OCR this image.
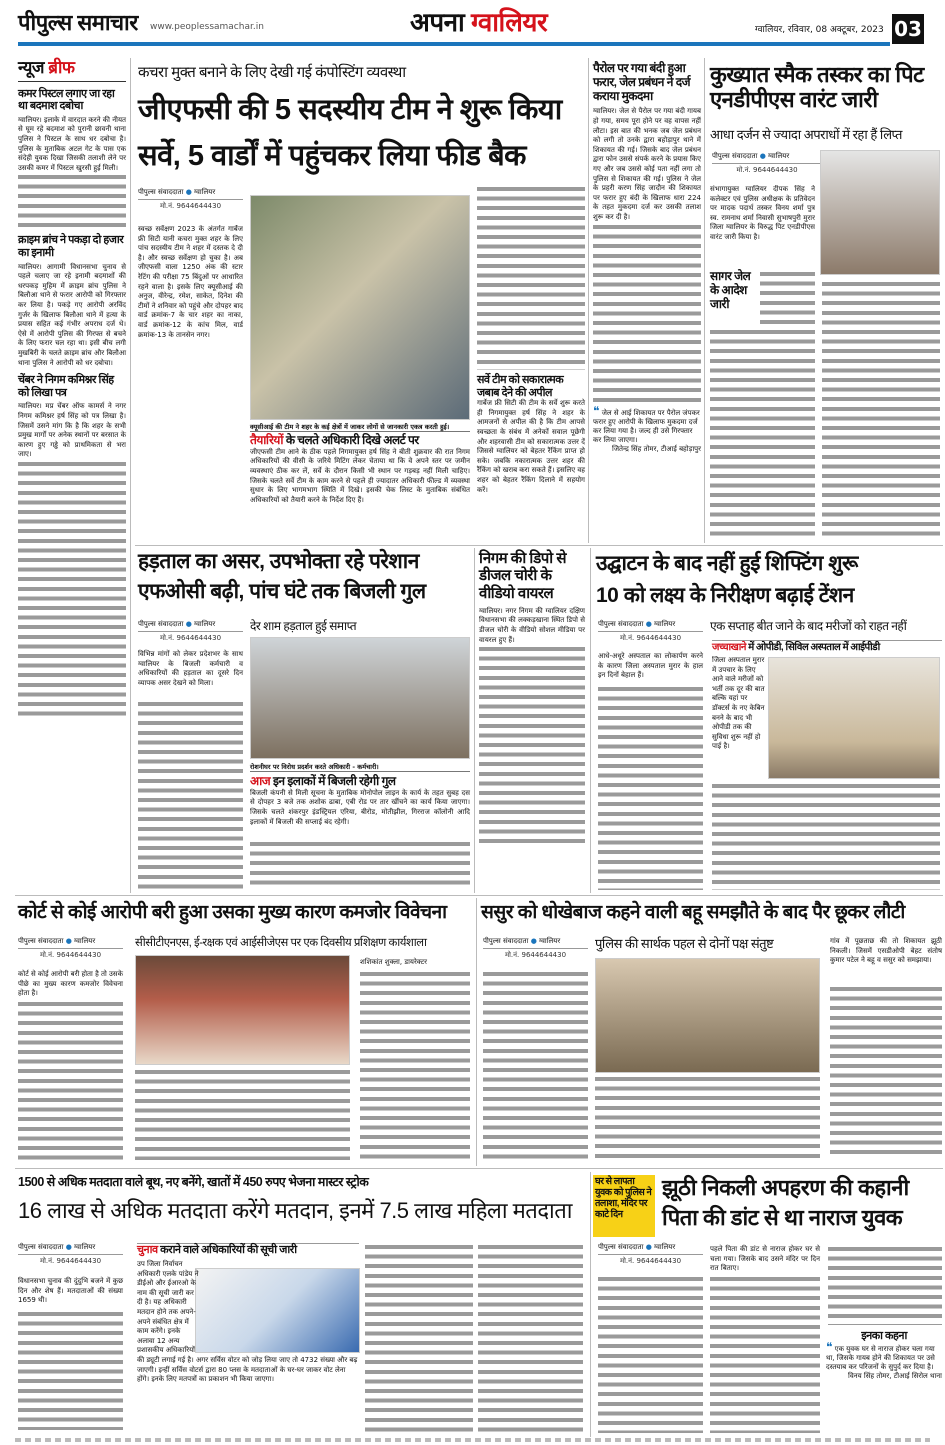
पीपुल्स समाचार www.peoplessamachar.in	अपना ग्वालियर	ग्वालियर, रविवार, 08 अक्टूबर, 2023 03
न्यूज ब्रीफ
कमर पिस्टल लगाए जा रहा था बदमाश दबोचा
ग्वालियर। इलाके में वारदात करने की नीयत से घूम रहे बदमाश को पुरानी छावनी थाना पुलिस ने पिस्टल के साथ धर दबोचा है। पुलिस के मुताबिक अटल गेट के पास एक संदेही युवक दिखा जिसकी तलाशी लेने पर उसकी कमर में पिस्टल खुरसी हुई मिली।
क्राइम ब्रांच ने पकड़ा दो हजार का इनामी
ग्वालियर। आगामी विधानसभा चुनाव से पहले चलाए जा रहे इनामी बदमाशों की धरपकड़ मुहिम में क्राइम ब्रांच पुलिस ने बिलौआ थाने से फरार आरोपी को गिरफ्तार कर लिया है। पकड़े गए आरोपी अरविंद गुर्जर के खिलाफ बिलौआ थाने में हत्या के प्रयास सहित कई गंभीर अपराध दर्ज थे। ऐसे में आरोपी पुलिस की गिरफ्त से बचने के लिए फरार चल रहा था। इसी बीच लगी मुखबिरी के चलते क्राइम ब्रांच और बिलौआ थाना पुलिस ने आरोपी को धर दबोचा।
चेंबर ने निगम कमिश्नर सिंह को लिखा पत्र
ग्वालियर। मप्र चेंबर ऑफ कामर्स ने नगर निगम कमिश्नर हर्ष सिंह को पत्र लिखा है। जिसमें उसने मांग कि है कि शहर के सभी प्रमुख मार्गों पर अनेक स्थानों पर बरसात के कारण हुए गड्ढे को प्राथमिकता से भरा जाए।
कचरा मुक्त बनाने के लिए देखी गई कंपोस्टिंग व्यवस्था
जीएफसी की 5 सदस्यीय टीम ने शुरू किया
सर्वे, 5 वार्डों में पहुंचकर लिया फीड बैक
पीपुल्स संवाददाता ● ग्वालियर
मो.नं. 9644644430
स्वच्छ सर्वेक्षण 2023 के अंतर्गत गार्बेज फ्री सिटी यानी कचरा मुक्त शहर के लिए पांच सदस्यीय टीम ने शहर में दस्तक दे दी है। और स्वच्छ सर्वेक्षण हो चुका है। अब जीएफसी वाला 1250 अंक की स्टार रेटिंग की परीक्षा 75 बिंदुओं पर आधारित रहने वाला है। इसके लिए क्यूसीआई की अनुज, वीरेन्द्र, रमेश, साकेत, दिनेश की टीमों ने शनिवार को पहुंचे और दोपहर बाद वार्ड क्रमांक-7 के चार शहर का नाका, वार्ड क्रमांक-12 के कांच मिल, वार्ड क्रमांक-13 के तानसेन नगर।
क्यूसीआई की टीम ने शहर के कई क्षेत्रों में जाकर लोगों से जानकारी एकत्र करती हुई।
तैयारियों के चलते अधिकारी दिखे अलर्ट पर
जीएफसी टीम आने के ठीक पहले निगमायुक्त हर्ष सिंह ने बीती शुक्रवार की रात निगम अधिकारियों की वीसी के जरिये मिटिंग लेकर चेताया था कि वे अपने स्तर पर जमीन व्यवस्थाएं ठीक कर लें, सर्वे के दौरान किसी भी स्थान पर गड़बड़ नहीं मिली चाहिए। जिसके चलते सर्वे टीम के काम करने से पहले ही ज्यादातर अधिकारी फील्ड में व्यवस्था सुधार के लिए भागमभाग स्थिति में दिखे। इसकी चेक लिस्ट के मुताबिक संबंधित अधिकारियों को तैयारी करने के निर्देश दिए हैं।
सर्वे टीम को सकारात्मक जबाब देने की अपील
गार्बेज फ्री सिटी की टीम के सर्वे शुरू करते ही निगमायुक्त हर्ष सिंह ने शहर के आमजनों से अपील की है कि टीम आपसे स्वच्छता के संबंध में अनेकों सवाल पूछेगी और शहरवासी टीम को सकारात्मक उत्तर दें जिससे ग्वालियर को बेहतर रैंकिंग प्राप्त हो सके। जबकि नकारात्मक उत्तर शहर की रैंकिंग को खराब करा सकते हैं। इसलिए वह शहर को बेहतर रैंकिंग दिलाने में सहयोग करें।
पैरोल पर गया बंदी हुआ फरार, जेल प्रबंधन ने दर्ज कराया मुकदमा
ग्वालियर। जेल से पैरोल पर गया बंदी गायब हो गया, समय पूरा होने पर वह वापस नहीं लौटा। इस बात की भनक जब जेल प्रबंधन को लगी तो उनके द्वारा बहोड़ापुर थाने में शिकायत की गई। जिसके बाद जेल प्रबंधन द्वारा फोन उससे संपर्क करने के प्रयास किए गए और जब उससे कोई पता नहीं लगा तो पुलिस से शिकायत की गई। पुलिस ने जेल के प्रहरी करण सिंह जादौन की शिकायत पर फरार हुए बंदी के खिलाफ धारा 224 के तहत मुकदमा दर्ज कर उसकी तलाश शुरू कर दी है।
❝ जेल से आई शिकायत पर पैरोल जंपकर फरार हुए आरोपी के खिलाफ मुकदमा दर्ज कर लिया गया है। जल्द ही उसे गिरफ्तार कर लिया जाएगा।
जितेन्द्र सिंह तोमर, टीआई बहोड़ापुर
कुख्यात स्मैक तस्कर का पिट एनडीपीएस वारंट जारी
आधा दर्जन से ज्यादा अपराधों में रहा हैं लिप्त
पीपुल्स संवाददाता ● ग्वालियर
मो.नं. 9644644430
संभागायुक्त ग्वालियर दीपक सिंह ने कलेक्टर एवं पुलिस अधीक्षक के प्रतिवेदन पर मादक पदार्थ तस्कर विनय शर्मा पुत्र स्व. रामनाथ शर्मा निवासी सुभाषपुरी मुरार जिला ग्वालियर के विरुद्ध पिट एनडीपीएस वारंट जारी किया है।
सागर जेल के आदेश जारी
हड़ताल का असर, उपभोक्ता रहे परेशान
एफओसी बढ़ी, पांच घंटे तक बिजली गुल
पीपुल्स संवाददाता ● ग्वालियर
मो.नं. 9644644430
विभिन्न मांगों को लेकर प्रदेशभर के साथ ग्वालियर के बिजली कर्मचारी व अधिकारियों की हड़ताल का दूसरे दिन व्यापक असर देखने को मिला।
देर शाम हड़ताल हुई समाप्त
रोशनीघर पर विरोध प्रदर्शन करते अधिकारी - कर्मचारी।
आज इन इलाकों में बिजली रहेगी गुल
बिजली कंपनी से मिली सूचना के मुताबिक मोनोपोल लाइन के कार्य के तहत सुबह दस से दोपहर 3 बजे तक अशोक ढाबा, एबी रोड पर तार खींचने का कार्य किया जाएगा। जिसके चलते शंकरपुर इंडस्ट्रियल एरिया, बीरोड, मोतीझील, गिरराज कॉलोनी आदि इलाकों में बिजली की सप्लाई बंद रहेगी।
निगम की डिपो से डीजल चोरी के वीडियो वायरल
ग्वालियर। नगर निगम की ग्वालियर दक्षिण विधानसभा की लक्कड़खाना स्थित डिपो से डीजल चोरी के वीडियो सोशल मीडिया पर वायरल हुए हैं।
उद्घाटन के बाद नहीं हुई शिफ्टिंग शुरू
10 को लक्ष्य के निरीक्षण बढ़ाई टेंशन
पीपुल्स संवाददाता ● ग्वालियर
मो.नं. 9644644430
आधे-अधूरे अस्पताल का लोकार्पण करने के कारण जिला अस्पताल मुरार के हाल इन दिनों बेहाल हैं।
एक सप्ताह बीत जाने के बाद मरीजों को राहत नहीं
जच्चाखाने में ओपीडी, सिविल अस्पताल में आईपीडी
जिला अस्पताल मुरार में उपचार के लिए आने वाले मरीजों को भर्ती तक दूर की बात बल्कि यहां पर डॉक्टर्स के नए केबिन बनने के बाद भी ओपीडी तक की सुविधा शुरू नहीं हो पाई है।
कोर्ट से कोई आरोपी बरी हुआ उसका मुख्य कारण कमजोर विवेचना
पीपुल्स संवाददाता ● ग्वालियर
मो.नं. 9644644430
सीसीटीएनएस, ई-रक्षक एवं आईसीजेएस पर एक दिवसीय प्रशिक्षण कार्यशाला
कोर्ट से कोई आरोपी बरी होता है तो उसके पीछे का मुख्य कारण कमजोर विवेचना होता है।
शशिकांत शुक्ला, डायरेक्टर
ससुर को धोखेबाज कहने वाली बहू समझौते के बाद पैर छूकर लौटी
पीपुल्स संवाददाता ● ग्वालियर
मो.नं. 9644644430
पुलिस की सार्थक पहल से दोनों पक्ष संतुष्ट	गांव में पूछताछ की तो शिकायत झूठी निकली। जिसमें एसडीओपी बेहट संतोष कुमार पटेल ने बहू व ससुर को समझाया।
1500 से अधिक मतदाता वाले बूथ, नए बनेंगे, खातों में 450 रुपए भेजना मास्टर स्ट्रोक
16 लाख से अधिक मतदाता करेंगे मतदान, इनमें 7.5 लाख महिला मतदाता
पीपुल्स संवाददाता ● ग्वालियर
मो.नं. 9644644430
विधानसभा चुनाव की दुंदुभि बजने में कुछ दिन और शेष हैं। मतदाताओं की संख्या 1659 थी।
चुनाव कराने वाले अधिकारियों की सूची जारी
उप जिला निर्वाचन अधिकारी एलके पांडेय ने डीईओ और ईआरओ के नाम की सूची जारी कर दी है। यह अधिकारी मतदान होने तक अपने-अपने संबंधित क्षेत्र में काम करेंगे। इनके अलावा 12 अन्य प्रशासकीय अधिकारियों की ड्यूटी लगाई गई है। अगर सर्विस वोटर को जोड़ लिया जाए तो 4732 संख्या और बढ़ जाएगी। इन्हीं सर्विस वोटर्स द्वारा 80 प्लस के मतदाताओं के घर-घर जाकर वोट लेना होंगे। इनके लिए मतपत्रों का प्रकाशन भी किया जाएगा।
घर से लापता युवक को पुलिस ने तलाशा, मंदिर पर काटे दिन
झूठी निकली अपहरण की कहानी
पिता की डांट से था नाराज युवक
पीपुल्स संवाददाता ● ग्वालियर
मो.नं. 9644644430
पहले पिता की डांट से नाराज होकर घर से चला गया। जिसके बाद उसने मंदिर पर दिन रात बिताए।
इनका कहना
❝ एक युवक घर से नाराज होकर चला गया था, जिसके गायब होने की शिकायत पर उसे दस्तयाब कर परिजनों के सुपुर्द कर दिया है।
विनय सिंह तोमर, टीआई सिरोल थाना
